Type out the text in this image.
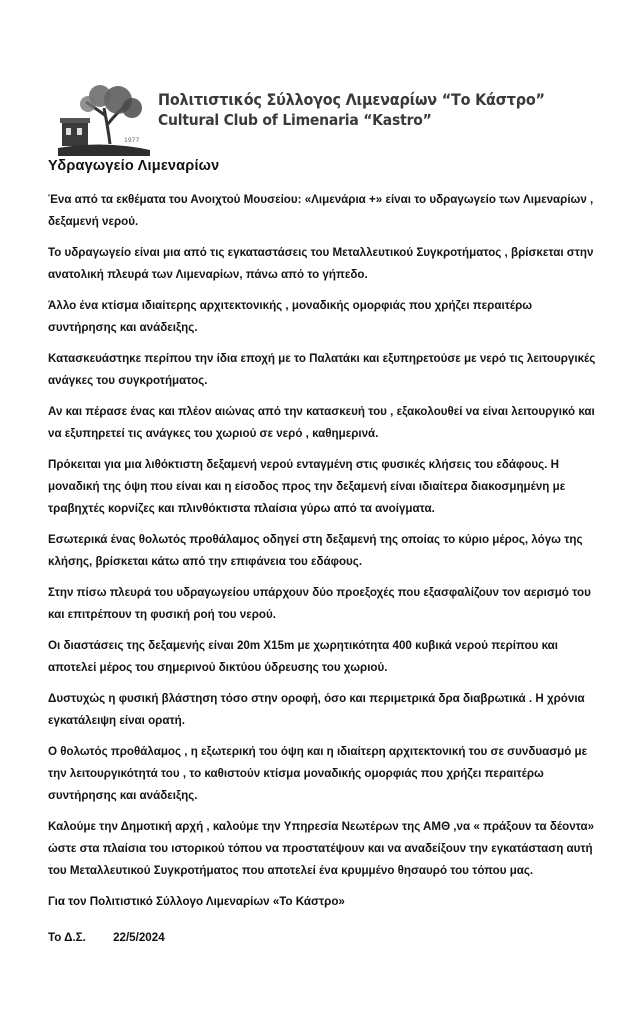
1977
Πολιτιστικός Σύλλογος Λιμεναρίων “Το Κάστρο”
Cultural Club of Limenaria “Kastro”
Υδραγωγείο Λιμεναρίων

Ένα από τα εκθέματα του Ανοιχτού Μουσείου: «Λιμενάρια +» είναι το υδραγωγείο των Λιμεναρίων , δεξαμενή νερού.

Το υδραγωγείο είναι μια από τις εγκαταστάσεις του Μεταλλευτικού Συγκροτήματος , βρίσκεται στην ανατολική πλευρά των Λιμεναρίων, πάνω από το γήπεδο.

Άλλο ένα κτίσμα ιδιαίτερης αρχιτεκτονικής , μοναδικής ομορφιάς που χρήζει περαιτέρω συντήρησης και ανάδειξης.

Κατασκευάστηκε περίπου την ίδια εποχή με το Παλατάκι και εξυπηρετούσε με νερό τις λειτουργικές ανάγκες του συγκροτήματος.

Αν και πέρασε ένας και πλέον αιώνας από την κατασκευή του , εξακολουθεί να είναι λειτουργικό και να εξυπηρετεί τις ανάγκες του χωριού σε νερό , καθημερινά.

Πρόκειται για μια λιθόκτιστη δεξαμενή νερού ενταγμένη στις φυσικές κλήσεις του εδάφους. Η μοναδική της όψη που είναι και η είσοδος προς την δεξαμενή είναι ιδιαίτερα διακοσμημένη με τραβηχτές κορνίζες και πλινθόκτιστα πλαίσια γύρω από τα ανοίγματα.

Εσωτερικά ένας θολωτός προθάλαμος οδηγεί στη δεξαμενή της οποίας το κύριο μέρος, λόγω της κλήσης, βρίσκεται κάτω από την επιφάνεια του εδάφους.

Στην πίσω πλευρά του υδραγωγείου υπάρχουν δύο προεξοχές που εξασφαλίζουν τον αερισμό του και επιτρέπουν τη φυσική ροή του νερού.

Οι διαστάσεις της δεξαμενής είναι 20m X15m με χωρητικότητα 400 κυβικά νερού περίπου και αποτελεί μέρος του σημερινού δικτύου ύδρευσης του χωριού.

Δυστυχώς η φυσική βλάστηση τόσο στην οροφή, όσο και περιμετρικά δρα διαβρωτικά . Η χρόνια εγκατάλειψη είναι ορατή.

Ο θολωτός προθάλαμος , η εξωτερική του όψη και η ιδιαίτερη αρχιτεκτονική του σε συνδυασμό με την λειτουργικότητά του , το καθιστούν κτίσμα μοναδικής ομορφιάς που χρήζει περαιτέρω συντήρησης και ανάδειξης.

Καλούμε την Δημοτική αρχή , καλούμε την Υπηρεσία Νεωτέρων της ΑΜΘ ,να « πράξουν τα δέοντα» ώστε στα πλαίσια του ιστορικού τόπου να προστατέψουν και να αναδείξουν την εγκατάσταση αυτή του Μεταλλευτικού Συγκροτήματος που αποτελεί ένα κρυμμένο θησαυρό του τόπου μας.

Για τον Πολιτιστικό Σύλλογο Λιμεναρίων «Το Κάστρο»

Το Δ.Σ. 22/5/2024
